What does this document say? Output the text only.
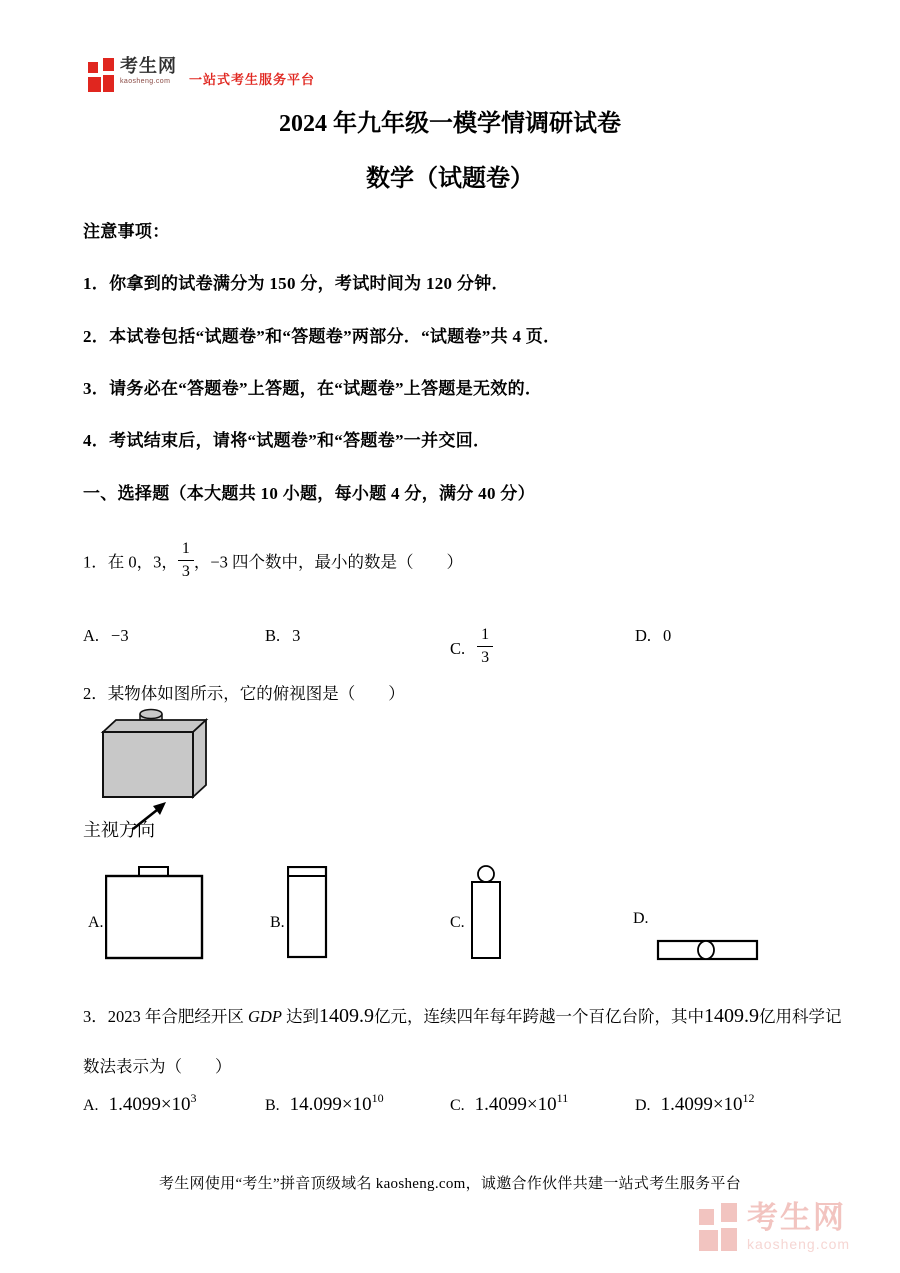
考生网
kaosheng.com	一站式考生服务平台
2024 年九年级一模学情调研试卷
数学（试题卷）
注意事项：
1．你拿到的试卷满分为 150 分，考试时间为 120 分钟．
2．本试卷包括“试题卷”和“答题卷”两部分．“试题卷”共 4 页．
3．请务必在“答题卷”上答题，在“试题卷”上答题是无效的．
4．考试结束后，请将“试题卷”和“答题卷”一并交回．
一、选择题（本大题共 10 小题，每小题 4 分，满分 40 分）
1．在 0，3， $\frac{1}{3}$ ，−3 四个数中，最小的数是（　　）
A. −3	B. 3
C. $\frac{1}{3}$	D. 0
2．某物体如图所示，它的俯视图是（　　）
主视方向
A.	B.	C.	D.
3．2023 年合肥经开区 GDP 达到1409.9亿元，连续四年每年跨越一个百亿台阶，其中1409.9亿用科学记
数法表示为（　　）
A. $1.4099\times 10^3$	B. $14.099\times 10^{10}$	C. $1.4099\times 10^{11}$	D. $1.4099\times 10^{12}$
考生网使用“考生”拼音顶级域名 kaosheng.com，诚邀合作伙伴共建一站式考生服务平台
考生网
kaosheng.com
